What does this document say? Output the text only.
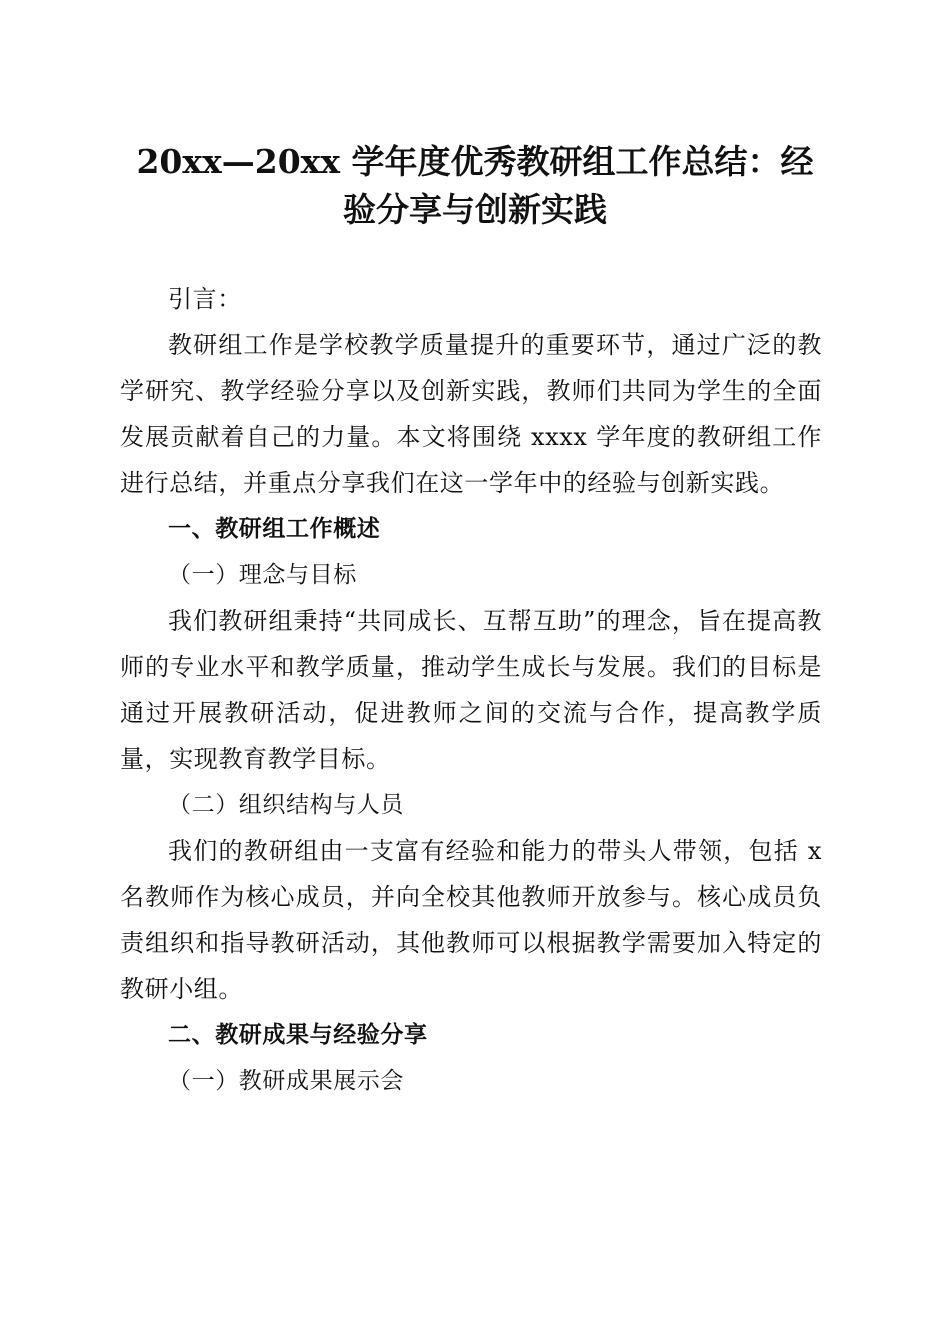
20xx—20xx 学年度优秀教研组工作总结：经
验分享与创新实践

引言：

教研组工作是学校教学质量提升的重要环节，通过广泛的教学研究、教学经验分享以及创新实践，教师们共同为学生的全面发展贡献着自己的力量。本文将围绕 xxxx 学年度的教研组工作进行总结，并重点分享我们在这一学年中的经验与创新实践。

一、教研组工作概述

（一）理念与目标

我们教研组秉持“共同成长、互帮互助”的理念，旨在提高教师的专业水平和教学质量，推动学生成长与发展。我们的目标是通过开展教研活动，促进教师之间的交流与合作，提高教学质量，实现教育教学目标。

（二）组织结构与人员

我们的教研组由一支富有经验和能力的带头人带领，包括 x 名教师作为核心成员，并向全校其他教师开放参与。核心成员负责组织和指导教研活动，其他教师可以根据教学需要加入特定的教研小组。

二、教研成果与经验分享

（一）教研成果展示会
